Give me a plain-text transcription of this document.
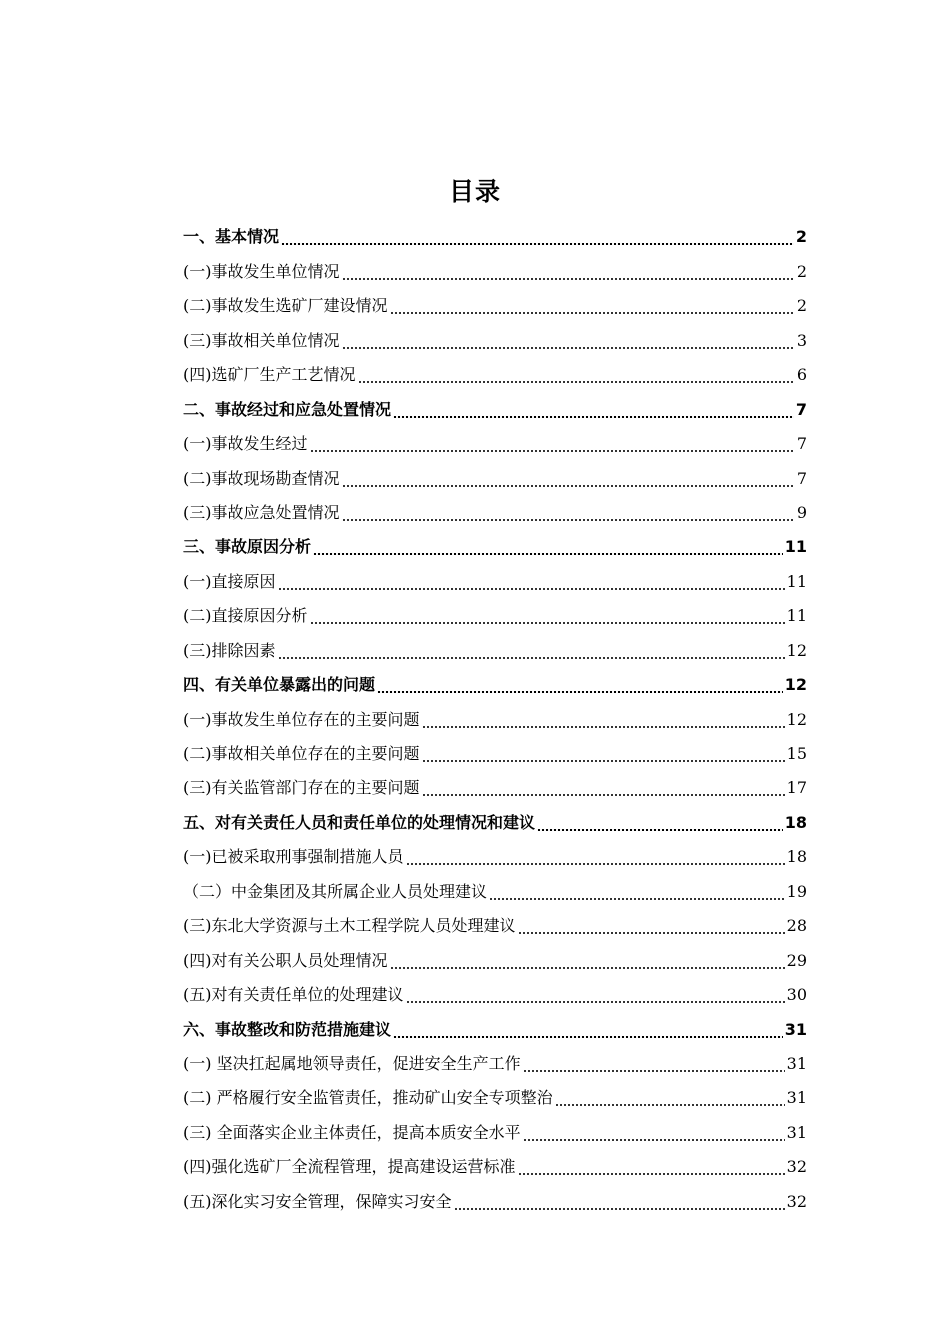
目录
一、基本情况	2
(一)事故发生单位情况	2
(二)事故发生选矿厂建设情况	2
(三)事故相关单位情况	3
(四)选矿厂生产工艺情况	6
二、事故经过和应急处置情况	7
(一)事故发生经过	7
(二)事故现场勘查情况	7
(三)事故应急处置情况	9
三、事故原因分析	11
(一)直接原因	11
(二)直接原因分析	11
(三)排除因素	12
四、有关单位暴露出的问题	12
(一)事故发生单位存在的主要问题	12
(二)事故相关单位存在的主要问题	15
(三)有关监管部门存在的主要问题	17
五、对有关责任人员和责任单位的处理情况和建议	18
(一)已被采取刑事强制措施人员	18
（二）中金集团及其所属企业人员处理建议	19
(三)东北大学资源与土木工程学院人员处理建议	28
(四)对有关公职人员处理情况	29
(五)对有关责任单位的处理建议	30
六、事故整改和防范措施建议	31
(一) 坚决扛起属地领导责任，促进安全生产工作	31
(二) 严格履行安全监管责任，推动矿山安全专项整治	31
(三) 全面落实企业主体责任，提高本质安全水平	31
(四)强化选矿厂全流程管理，提高建设运营标准	32
(五)深化实习安全管理，保障实习安全	32
